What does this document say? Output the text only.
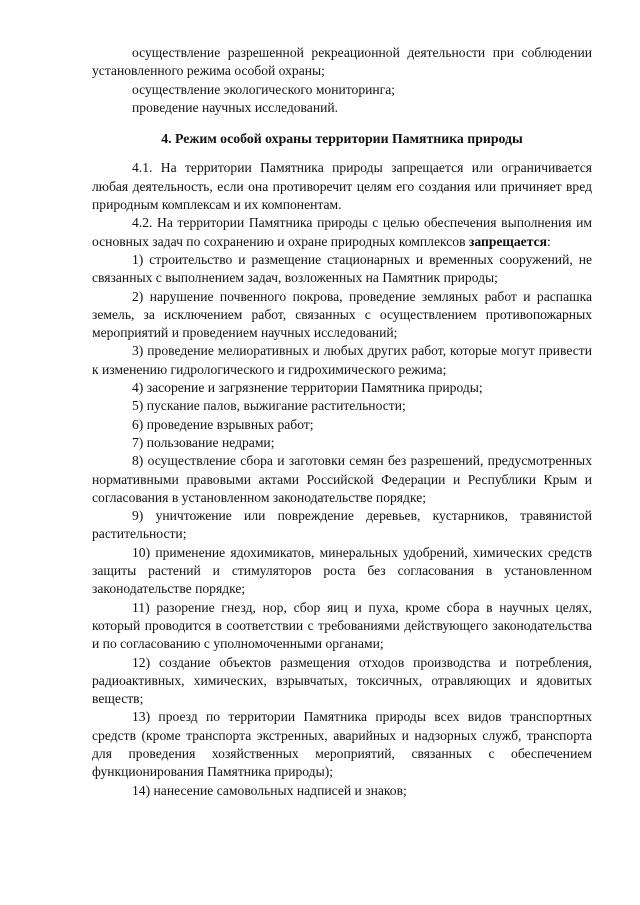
осуществление разрешенной рекреационной деятельности при соблюдении установленного режима особой охраны;

осуществление экологического мониторинга;

проведение научных исследований.

4. Режим особой охраны территории Памятника природы

4.1. На территории Памятника природы запрещается или ограничивается любая деятельность, если она противоречит целям его создания или причиняет вред природным комплексам и их компонентам.

4.2. На территории Памятника природы с целью обеспечения выполнения им основных задач по сохранению и охране природных комплексов запрещается:

1) строительство и размещение стационарных и временных сооружений, не связанных с выполнением задач, возложенных на Памятник природы;

2) нарушение почвенного покрова, проведение земляных работ и распашка земель, за исключением работ, связанных с осуществлением противопожарных мероприятий и проведением научных исследований;

3) проведение мелиоративных и любых других работ, которые могут привести к изменению гидрологического и гидрохимического режима;

4) засорение и загрязнение территории Памятника природы;

5) пускание палов, выжигание растительности;

6) проведение взрывных работ;

7) пользование недрами;

8) осуществление сбора и заготовки семян без разрешений, предусмотренных нормативными правовыми актами Российской Федерации и Республики Крым и согласования в установленном законодательстве порядке;

9) уничтожение или повреждение деревьев, кустарников, травянистой растительности;

10) применение ядохимикатов, минеральных удобрений, химических средств защиты растений и стимуляторов роста без согласования в установленном законодательстве порядке;

11) разорение гнезд, нор, сбор яиц и пуха, кроме сбора в научных целях, который проводится в соответствии с требованиями действующего законодательства и по согласованию с уполномоченными органами;

12) создание объектов размещения отходов производства и потребления, радиоактивных, химических, взрывчатых, токсичных, отравляющих и ядовитых веществ;

13) проезд по территории Памятника природы всех видов транспортных средств (кроме транспорта экстренных, аварийных и надзорных служб, транспорта для проведения хозяйственных мероприятий, связанных с обеспечением функционирования Памятника природы);

14) нанесение самовольных надписей и знаков;
